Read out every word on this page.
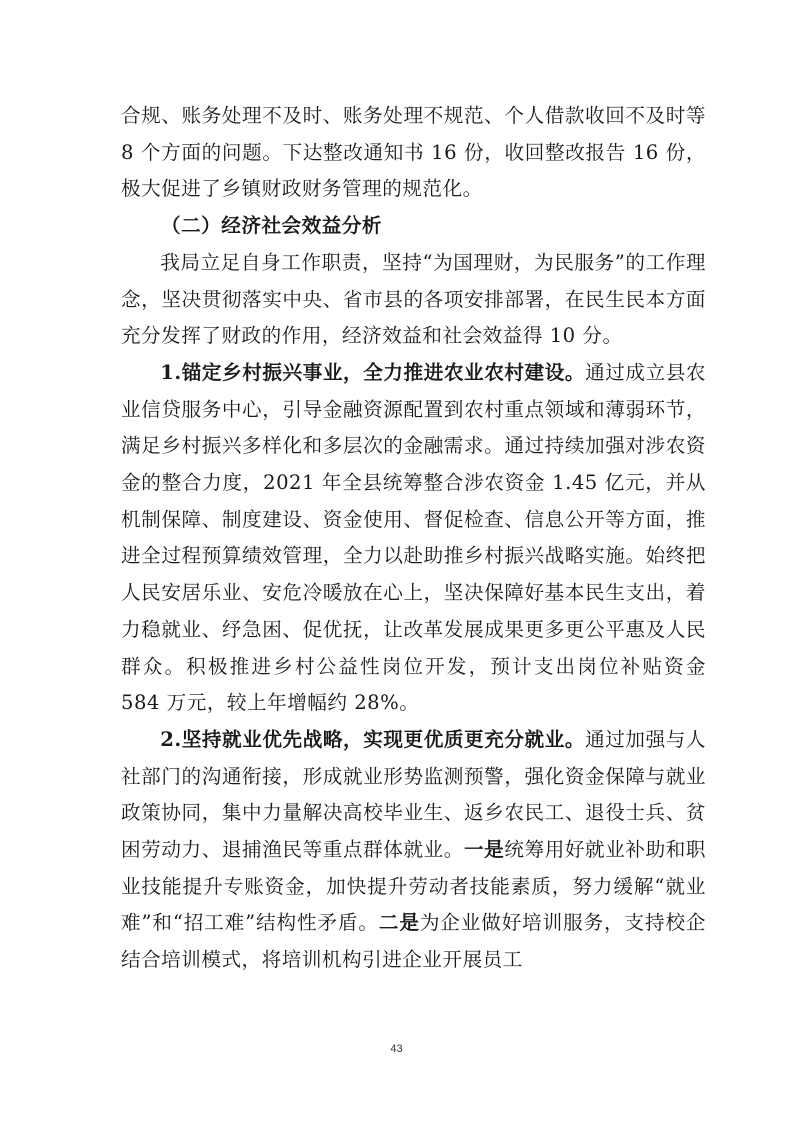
合规、账务处理不及时、账务处理不规范、个人借款收回不及时等 8 个方面的问题。下达整改通知书 16 份，收回整改报告 16 份，极大促进了乡镇财政财务管理的规范化。

（二）经济社会效益分析

我局立足自身工作职责，坚持“为国理财，为民服务”的工作理念，坚决贯彻落实中央、省市县的各项安排部署，在民生民本方面充分发挥了财政的作用，经济效益和社会效益得 10 分。

1.锚定乡村振兴事业，全力推进农业农村建设。通过成立县农业信贷服务中心，引导金融资源配置到农村重点领域和薄弱环节，满足乡村振兴多样化和多层次的金融需求。通过持续加强对涉农资金的整合力度，2021 年全县统筹整合涉农资金 1.45 亿元，并从机制保障、制度建设、资金使用、督促检查、信息公开等方面，推进全过程预算绩效管理，全力以赴助推乡村振兴战略实施。始终把人民安居乐业、安危冷暖放在心上，坚决保障好基本民生支出，着力稳就业、纾急困、促优抚，让改革发展成果更多更公平惠及人民群众。积极推进乡村公益性岗位开发，预计支出岗位补贴资金 584 万元，较上年增幅约 28%。

2.坚持就业优先战略，实现更优质更充分就业。通过加强与人社部门的沟通衔接，形成就业形势监测预警，强化资金保障与就业政策协同，集中力量解决高校毕业生、返乡农民工、退役士兵、贫困劳动力、退捕渔民等重点群体就业。一是统筹用好就业补助和职业技能提升专账资金，加快提升劳动者技能素质，努力缓解“就业难”和“招工难”结构性矛盾。二是为企业做好培训服务，支持校企结合培训模式，将培训机构引进企业开展员工

43
